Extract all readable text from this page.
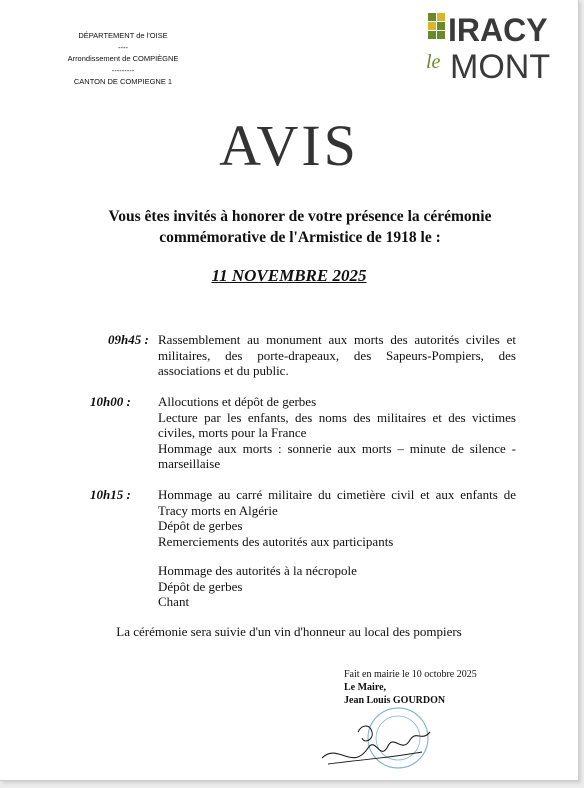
DÉPARTEMENT de l'OISE
----
Arrondissement de COMPIÈGNE
---------
CANTON DE COMPIEGNE 1
IRACY
le MONT
AVIS
Vous êtes invités à honorer de votre présence la cérémonie
commémorative de l'Armistice de 1918 le :
11 NOVEMBRE 2025
09h45 : Rassemblement au monument aux morts des autorités civiles et militaires, des porte-drapeaux, des Sapeurs-Pompiers, des associations et du public.
10h00 : Allocutions et dépôt de gerbes
Lecture par les enfants, des noms des militaires et des victimes civiles, morts pour la France
Hommage aux morts : sonnerie aux morts – minute de silence - marseillaise
10h15 : Hommage au carré militaire du cimetière civil et aux enfants de Tracy morts en Algérie
Dépôt de gerbes
Remerciements des autorités aux participants
Hommage des autorités à la nécropole
Dépôt de gerbes
Chant
La cérémonie sera suivie d'un vin d'honneur au local des pompiers
Fait en mairie le 10 octobre 2025
Le Maire,
Jean Louis GOURDON
